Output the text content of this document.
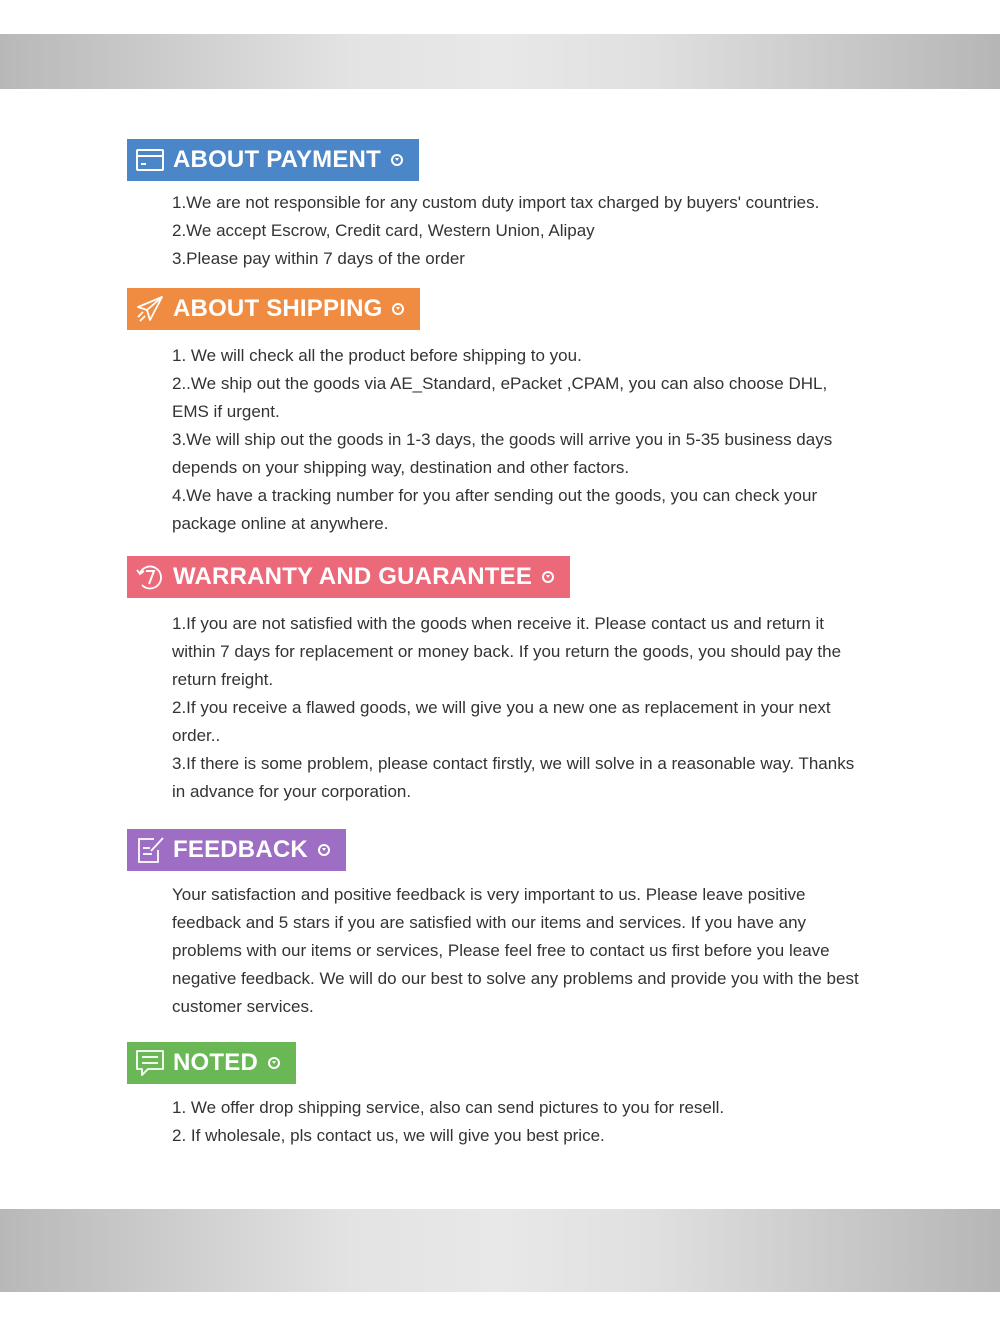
ABOUT PAYMENT

1.We are not responsible for any custom duty import tax charged by buyers' countries.

2.We accept Escrow, Credit card, Western Union, Alipay

3.Please pay within 7 days of the order

ABOUT SHIPPING

1. We will check all the product before shipping to you.

2..We ship out the goods via AE_Standard, ePacket ,CPAM, you can also choose DHL, EMS if urgent.

3.We will ship out the goods in 1-3 days, the goods will arrive you in 5-35 business days depends on your shipping way, destination and other factors.

4.We have a tracking number for you after sending out the goods, you can check your package online at anywhere.

WARRANTY AND GUARANTEE

1.If you are not satisfied with the goods when receive it. Please contact us and return it within 7 days for replacement or money back. If you return the goods, you should pay the return freight.

2.If you receive a flawed goods, we will give you a new one as replacement in your next order..

3.If there is some problem, please contact firstly, we will solve in a reasonable way. Thanks in advance for your corporation.

FEEDBACK

Your satisfaction and positive feedback is very important to us. Please leave positive feedback and 5 stars if you are satisfied with our items and services. If you have any problems with our items or services, Please feel free to contact us first before you leave negative feedback. We will do our best to solve any problems and provide you with the best customer services.

NOTED

1. We offer drop shipping service, also can send pictures to you for resell.

2. If wholesale, pls contact us, we will give you best price.
